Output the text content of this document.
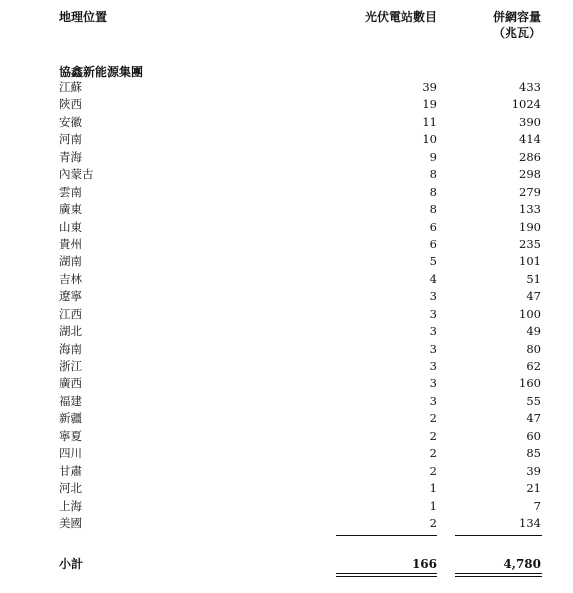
地理位置	光伏電站數目	併網容量
（兆瓦）
協鑫新能源集團
江蘇	39	433
陝西	19	1024
安徽	11	390
河南	10	414
青海	9	286
內蒙古	8	298
雲南	8	279
廣東	8	133
山東	6	190
貴州	6	235
湖南	5	101
吉林	4	51
遼寧	3	47
江西	3	100
湖北	3	49
海南	3	80
浙江	3	62
廣西	3	160
福建	3	55
新疆	2	47
寧夏	2	60
四川	2	85
甘肅	2	39
河北	1	21
上海	1	7
美國	2	134
小計	166	4,780
